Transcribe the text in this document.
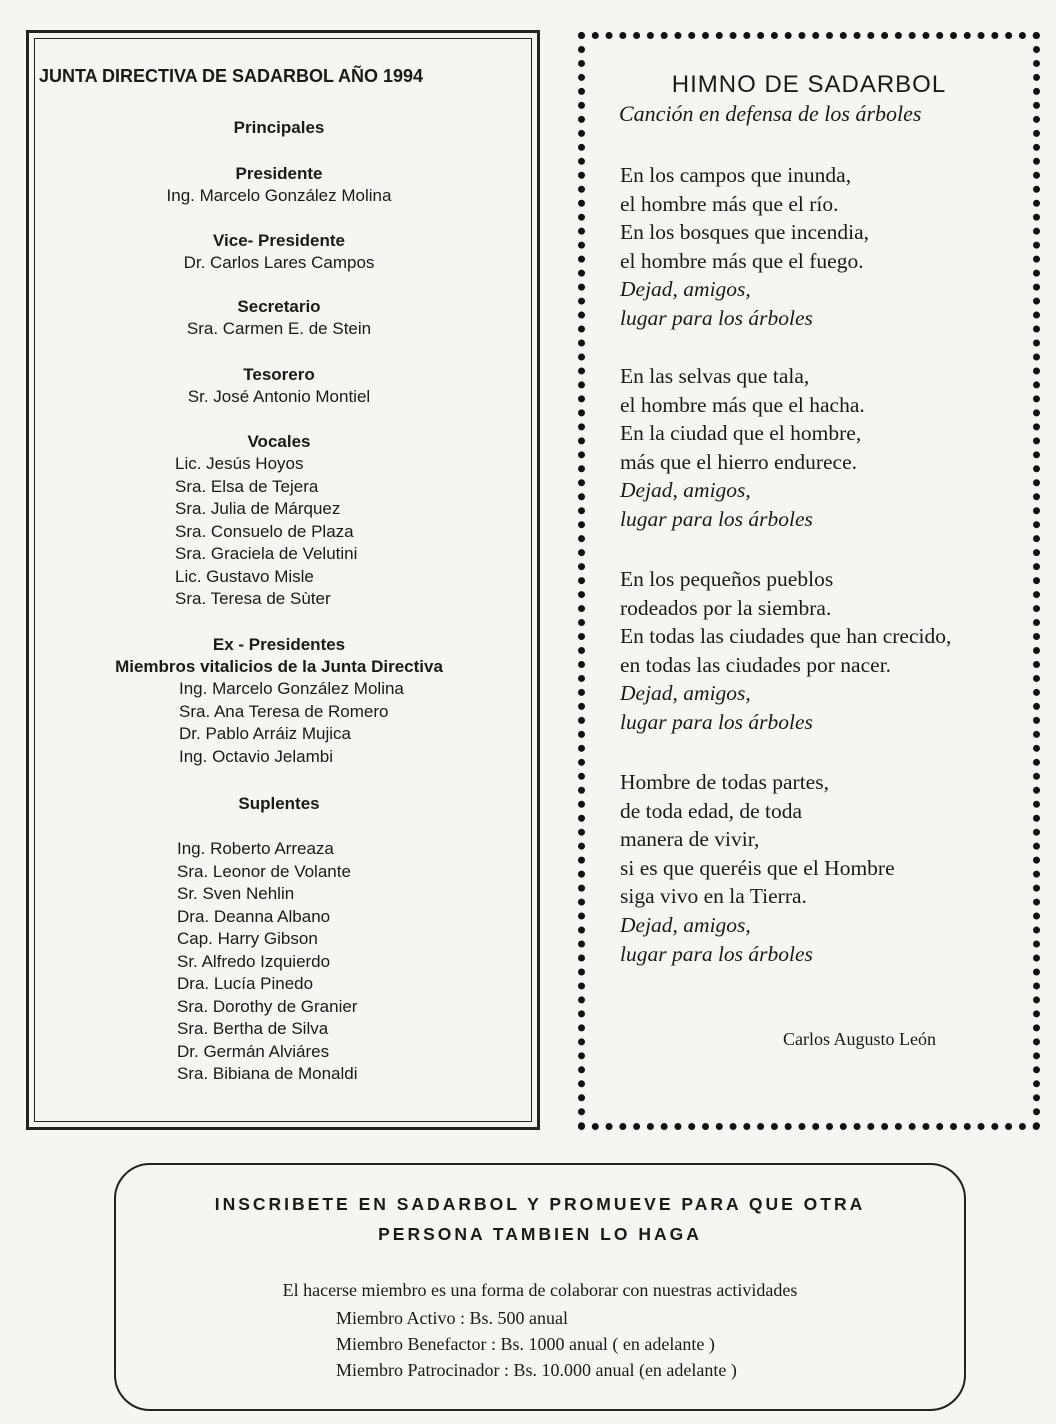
JUNTA DIRECTIVA DE SADARBOL AÑO 1994
Principales
Presidente
Ing. Marcelo González Molina
Vice- Presidente
Dr. Carlos Lares Campos
Secretario
Sra. Carmen E. de Stein
Tesorero
Sr. José Antonio Montiel
Vocales
Lic. Jesús Hoyos
Sra. Elsa de Tejera
Sra. Julia de Márquez
Sra. Consuelo de Plaza
Sra. Graciela de Velutini
Lic. Gustavo Misle
Sra. Teresa de Sùter
Ex - Presidentes
Miembros vitalicios de la Junta Directiva
Ing. Marcelo González Molina
Sra. Ana Teresa de Romero
Dr. Pablo Arráiz Mujica
Ing. Octavio Jelambi
Suplentes
Ing. Roberto Arreaza
Sra. Leonor de Volante
Sr. Sven Nehlin
Dra. Deanna Albano
Cap. Harry Gibson
Sr. Alfredo Izquierdo
Dra. Lucía Pinedo
Sra. Dorothy de Granier
Sra. Bertha de Silva
Dr. Germán Alviáres
Sra. Bibiana de Monaldi
HIMNO DE SADARBOL
Canción en defensa de los árboles
En los campos que inunda,
el hombre más que el río.
En los bosques que incendia,
el hombre más que el fuego.
Dejad, amigos,
lugar para los árboles
En las selvas que tala,
el hombre más que el hacha.
En la ciudad que el hombre,
más que el hierro endurece.
Dejad, amigos,
lugar para los árboles
En los pequeños pueblos
rodeados por la siembra.
En todas las ciudades que han crecido,
en todas las ciudades por nacer.
Dejad, amigos,
lugar para los árboles
Hombre de todas partes,
de toda edad, de toda
manera de vivir,
si es que queréis que el Hombre
siga vivo en la Tierra.
Dejad, amigos,
lugar para los árboles
Carlos Augusto León
INSCRIBETE EN SADARBOL Y PROMUEVE PARA QUE OTRA
PERSONA TAMBIEN LO HAGA
El hacerse miembro es una forma de colaborar con nuestras actividades
Miembro Activo : Bs. 500 anual
Miembro Benefactor : Bs. 1000 anual ( en adelante )
Miembro Patrocinador : Bs. 10.000 anual (en adelante )
